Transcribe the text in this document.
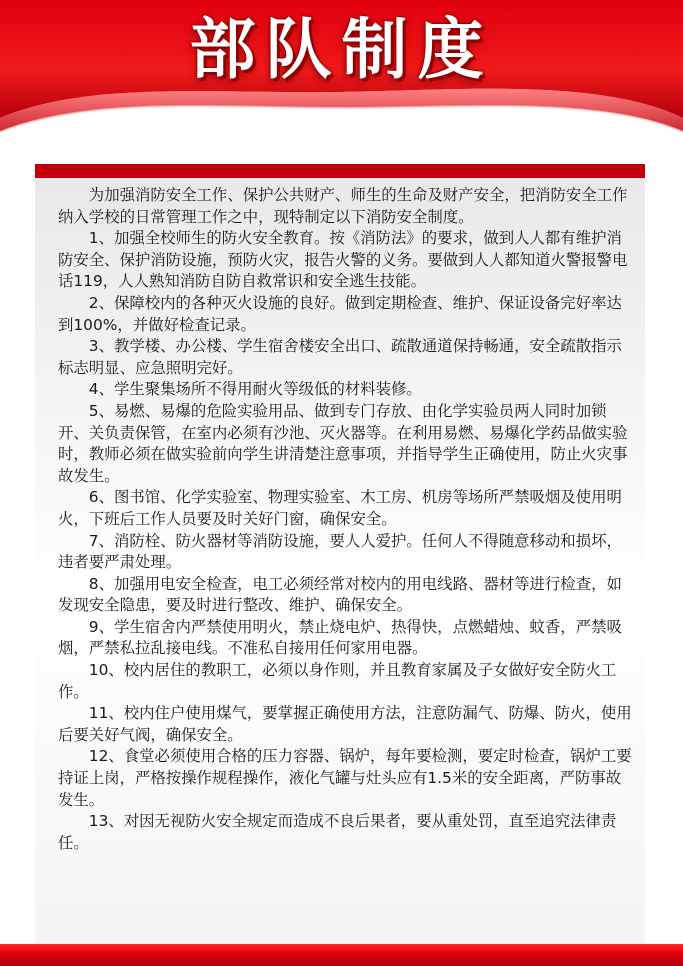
部队制度

为加强消防安全工作、保护公共财产、师生的生命及财产安全，把消防安全工作纳入学校的日常管理工作之中，现特制定以下消防安全制度。

1、加强全校师生的防火安全教育。按《消防法》的要求，做到人人都有维护消防安全、保护消防设施，预防火灾，报告火警的义务。要做到人人都知道火警报警电话119，人人熟知消防自防自救常识和安全逃生技能。

2、保障校内的各种灭火设施的良好。做到定期检查、维护、保证设备完好率达到100%，并做好检查记录。

3、教学楼、办公楼、学生宿舍楼安全出口、疏散通道保持畅通，安全疏散指示标志明显、应急照明完好。

4、学生聚集场所不得用耐火等级低的材料装修。

5、易燃、易爆的危险实验用品、做到专门存放、由化学实验员两人同时加锁开、关负责保管，在室内必须有沙池、灭火器等。在利用易燃、易爆化学药品做实验时，教师必须在做实验前向学生讲清楚注意事项，并指导学生正确使用，防止火灾事故发生。

6、图书馆、化学实验室、物理实验室、木工房、机房等场所严禁吸烟及使用明火，下班后工作人员要及时关好门窗，确保安全。

7、消防栓、防火器材等消防设施，要人人爱护。任何人不得随意移动和损坏，违者要严肃处理。

8、加强用电安全检查，电工必须经常对校内的用电线路、器材等进行检查，如发现安全隐患，要及时进行整改、维护、确保安全。

9、学生宿舍内严禁使用明火，禁止烧电炉、热得快，点燃蜡烛、蚊香，严禁吸烟，严禁私拉乱接电线。不准私自接用任何家用电器。

10、校内居住的教职工，必须以身作则，并且教育家属及子女做好安全防火工作。

11、校内住户使用煤气，要掌握正确使用方法，注意防漏气、防爆、防火，使用后要关好气阀，确保安全。

12、食堂必须使用合格的压力容器、锅炉，每年要检测，要定时检查，锅炉工要持证上岗，严格按操作规程操作，液化气罐与灶头应有1.5米的安全距离，严防事故发生。

13、对因无视防火安全规定而造成不良后果者，要从重处罚，直至追究法律责任。
